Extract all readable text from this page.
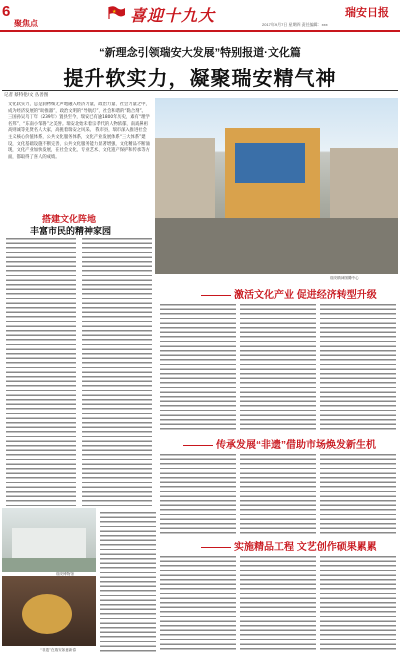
6
聚焦点
★ 喜迎十九大	瑞安日报
2017年9月7日 星期四 责任编辑：xxx
“新理念引领瑞安大发展”特别报道·文化篇
提升软实力，凝聚瑞安精气神
记者 蔡特伦/文 丛善图
文化软实力，总是润物细无声地融入经济力量，政治力量、社会力量之中，成为经济发展的“助推器”，政治文明的“导航灯”，社会和谐的“黏合剂”。 三国孙吴乌丁年（239年）置县至今，瑞安已有逾1800年历史，素有“理学名邦”、“东南小邹鲁”之美誉。瑞安北始未着宗孝代的人物浓郁，南戏鼻祖高则诚等先贤名人大家，高挑着瑞安之风采。 我市县，瑞市深入推进社会主义核心价值体系，公共文化服务体系，文化产业发展体系“三大体系”建设，文化基础设施不断完善，公共文化服务能力显著增强，文化精品不断涌现，文化产业加快发展，在社会文化、专业艺术、文化遗产保护和传承等方面，都取得了喜人的成绩。
瑞安精神图腾中心
搭建文化阵地
丰富市民的精神家园
瑞安博物馆
“非遗”在瑞安如意新春
激活文化产业 促进经济转型升级
传承发展“非遗”借助市场焕发新生机
实施精品工程 文艺创作硕果累累
